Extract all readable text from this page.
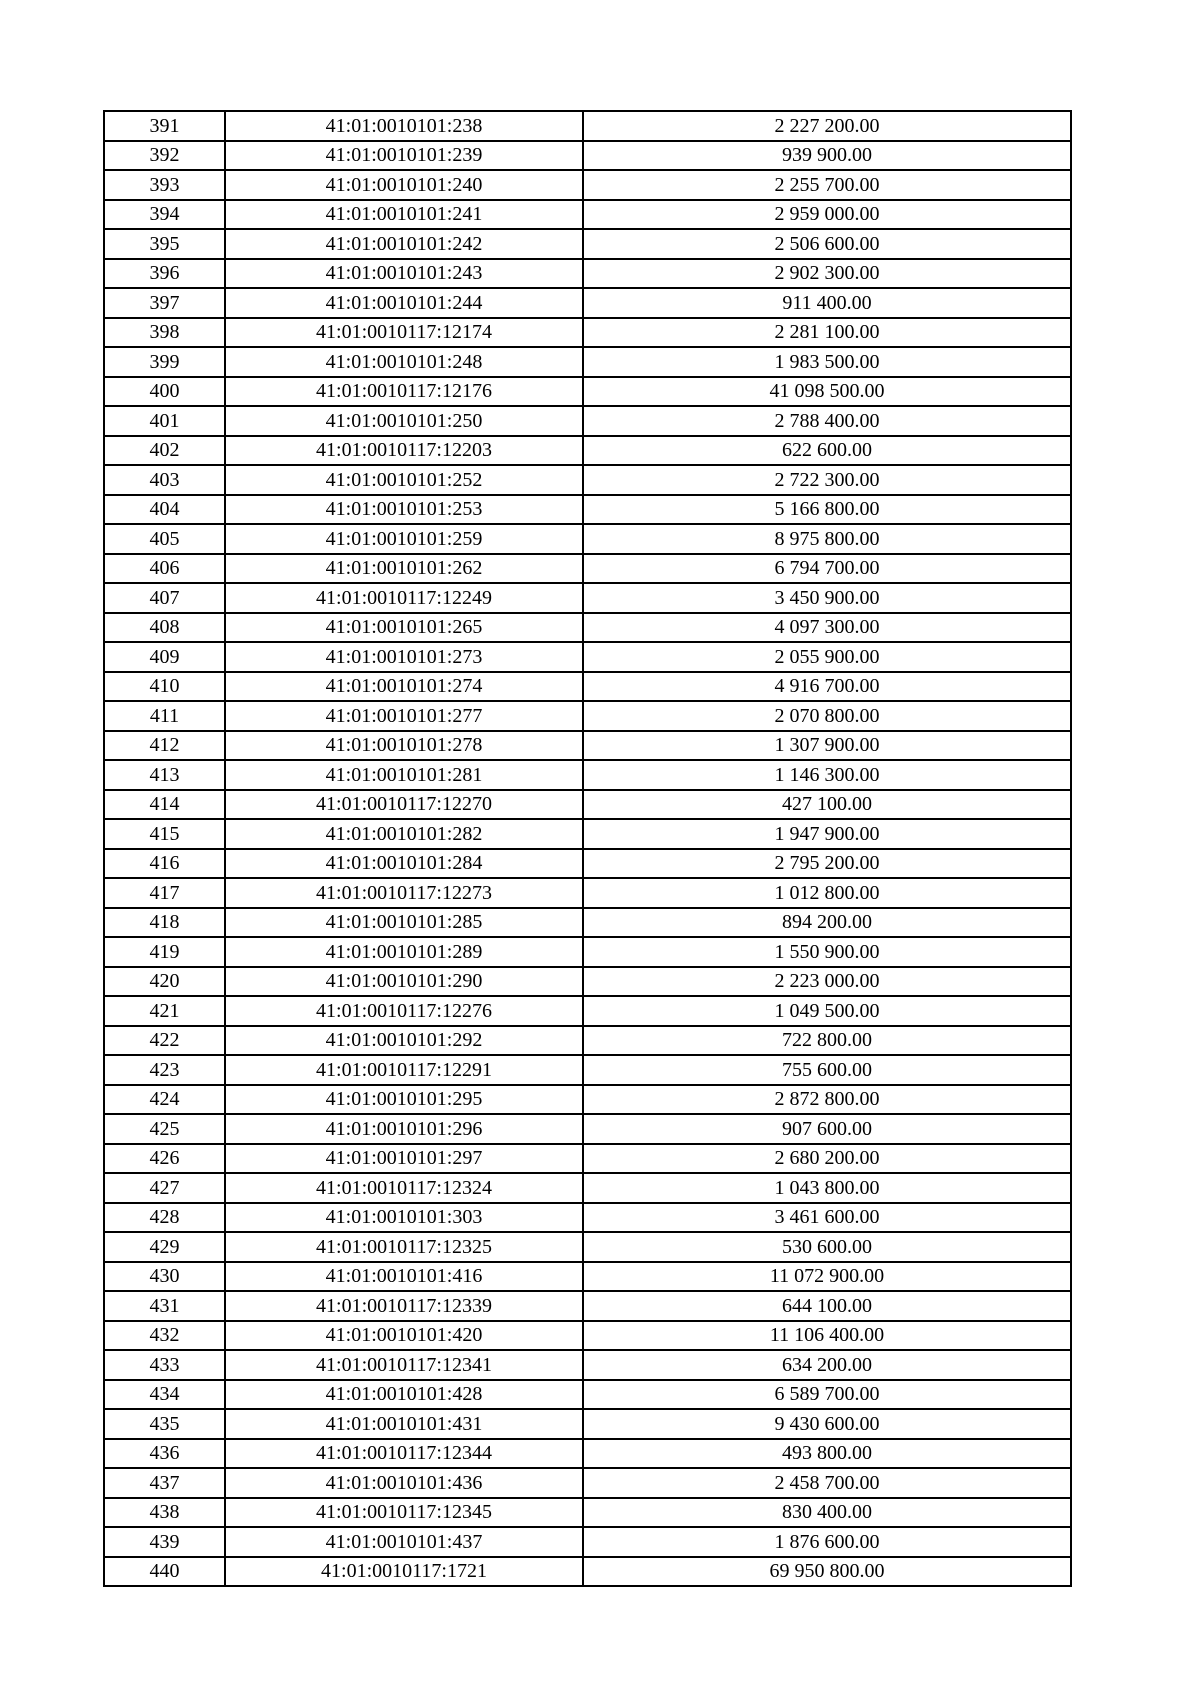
391	41:01:0010101:238	2 227 200.00
392	41:01:0010101:239	939 900.00
393	41:01:0010101:240	2 255 700.00
394	41:01:0010101:241	2 959 000.00
395	41:01:0010101:242	2 506 600.00
396	41:01:0010101:243	2 902 300.00
397	41:01:0010101:244	911 400.00
398	41:01:0010117:12174	2 281 100.00
399	41:01:0010101:248	1 983 500.00
400	41:01:0010117:12176	41 098 500.00
401	41:01:0010101:250	2 788 400.00
402	41:01:0010117:12203	622 600.00
403	41:01:0010101:252	2 722 300.00
404	41:01:0010101:253	5 166 800.00
405	41:01:0010101:259	8 975 800.00
406	41:01:0010101:262	6 794 700.00
407	41:01:0010117:12249	3 450 900.00
408	41:01:0010101:265	4 097 300.00
409	41:01:0010101:273	2 055 900.00
410	41:01:0010101:274	4 916 700.00
411	41:01:0010101:277	2 070 800.00
412	41:01:0010101:278	1 307 900.00
413	41:01:0010101:281	1 146 300.00
414	41:01:0010117:12270	427 100.00
415	41:01:0010101:282	1 947 900.00
416	41:01:0010101:284	2 795 200.00
417	41:01:0010117:12273	1 012 800.00
418	41:01:0010101:285	894 200.00
419	41:01:0010101:289	1 550 900.00
420	41:01:0010101:290	2 223 000.00
421	41:01:0010117:12276	1 049 500.00
422	41:01:0010101:292	722 800.00
423	41:01:0010117:12291	755 600.00
424	41:01:0010101:295	2 872 800.00
425	41:01:0010101:296	907 600.00
426	41:01:0010101:297	2 680 200.00
427	41:01:0010117:12324	1 043 800.00
428	41:01:0010101:303	3 461 600.00
429	41:01:0010117:12325	530 600.00
430	41:01:0010101:416	11 072 900.00
431	41:01:0010117:12339	644 100.00
432	41:01:0010101:420	11 106 400.00
433	41:01:0010117:12341	634 200.00
434	41:01:0010101:428	6 589 700.00
435	41:01:0010101:431	9 430 600.00
436	41:01:0010117:12344	493 800.00
437	41:01:0010101:436	2 458 700.00
438	41:01:0010117:12345	830 400.00
439	41:01:0010101:437	1 876 600.00
440	41:01:0010117:1721	69 950 800.00
